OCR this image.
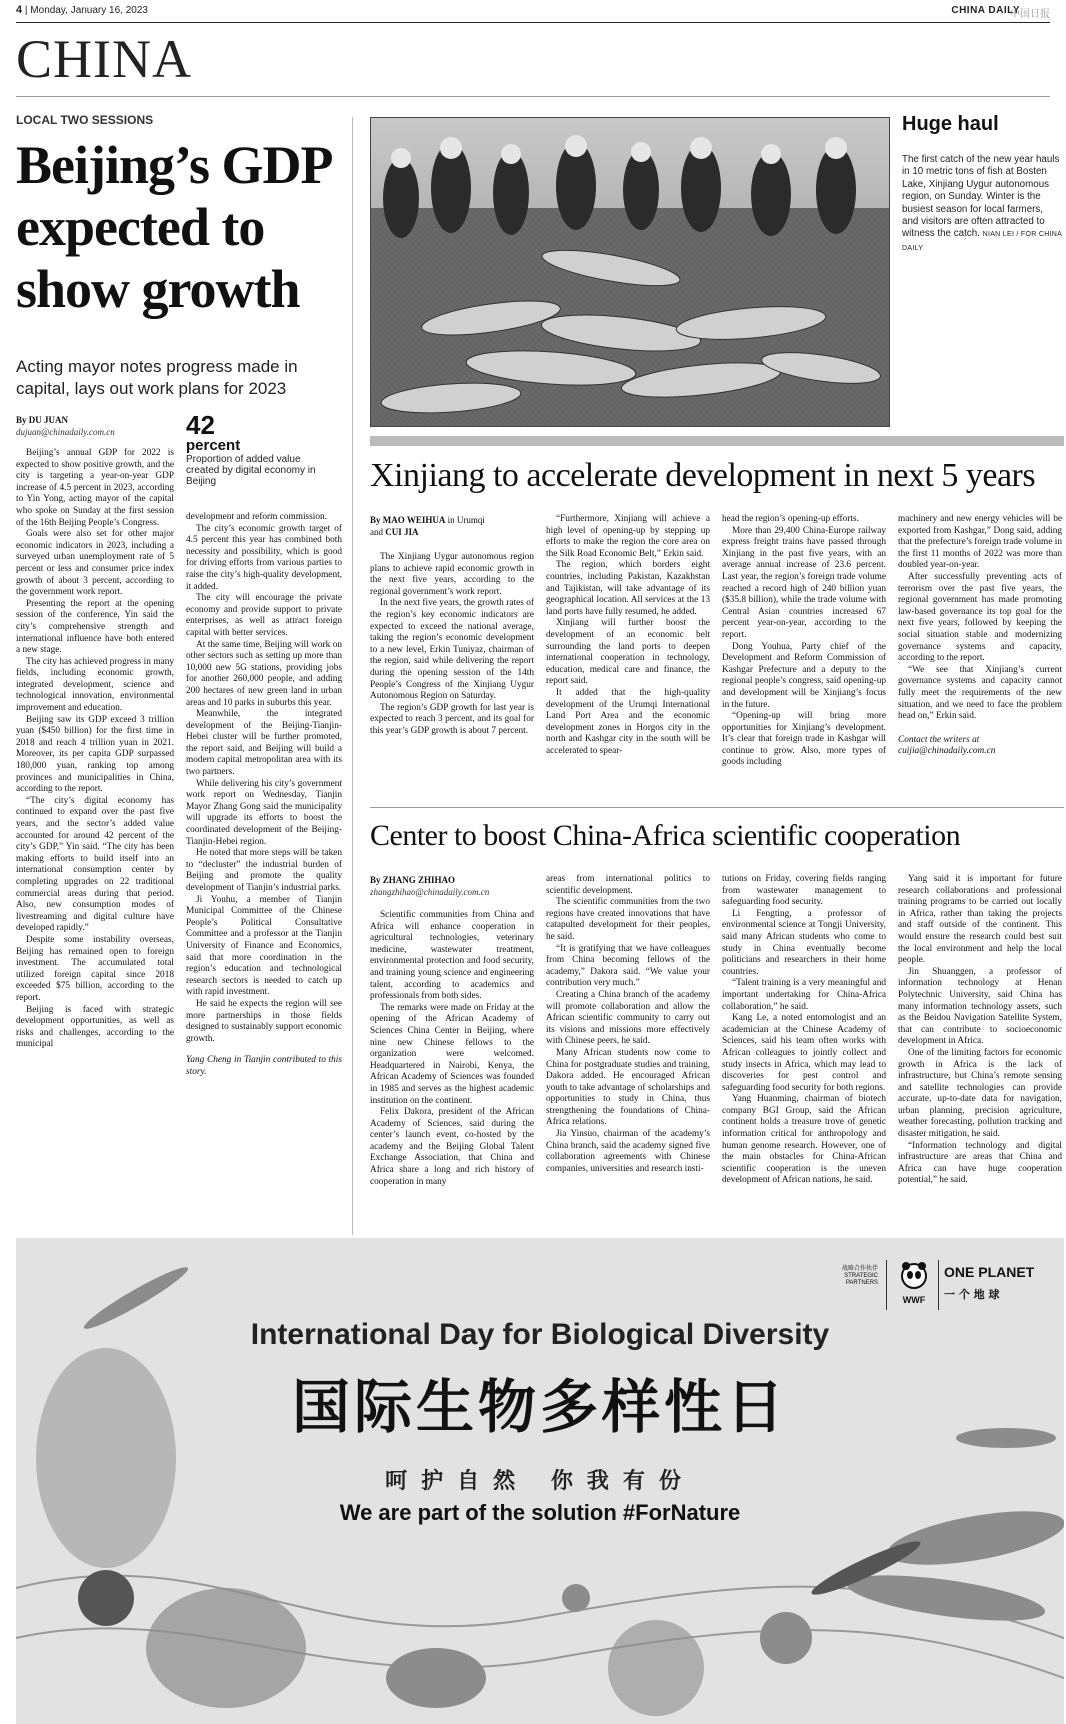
4 | Monday, January 16, 2023	CHINA DAILY
中国日报
CHINA
LOCAL TWO SESSIONS
Beijing’s GDP expected to show growth
Acting mayor notes progress made in capital, lays out work plans for 2023
By DU JUAN
dujuan@chinadaily.com.cn	42
percent
Proportion of added value created by digital economy in Beijing

Beijing’s annual GDP for 2022 is expected to show positive growth, and the city is targeting a year-on-year GDP increase of 4.5 percent in 2023, according to Yin Yong, acting mayor of the capital who spoke on Sunday at the first session of the 16th Beijing People’s Congress.

Goals were also set for other major economic indicators in 2023, including a surveyed urban unemployment rate of 5 percent or less and consumer price index growth of about 3 percent, according to the government work report.

Presenting the report at the opening session of the conference, Yin said the city’s comprehensive strength and international influence have both entered a new stage.

The city has achieved progress in many fields, including economic growth, integrated development, science and technological innovation, environmental improvement and education.

Beijing saw its GDP exceed 3 trillion yuan ($450 billion) for the first time in 2018 and reach 4 trillion yuan in 2021. Moreover, its per capita GDP surpassed 180,000 yuan, ranking top among provinces and municipalities in China, according to the report.

“The city’s digital economy has continued to expand over the past five years, and the sector’s added value accounted for around 42 percent of the city’s GDP,” Yin said. “The city has been making efforts to build itself into an international consumption center by completing upgrades on 22 traditional commercial areas during that period. Also, new consumption modes of livestreaming and digital culture have developed rapidly.”

Despite some instability overseas, Beijing has remained open to foreign investment. The accumulated total utilized foreign capital since 2018 exceeded $75 billion, according to the report.

Beijing is faced with strategic development opportunities, as well as risks and challenges, according to the municipal

development and reform commission.

The city’s economic growth target of 4.5 percent this year has combined both necessity and possibility, which is good for driving efforts from various parties to raise the city’s high-quality development, it added.

The city will encourage the private economy and provide support to private enterprises, as well as attract foreign capital with better services.

At the same time, Beijing will work on other sectors such as setting up more than 10,000 new 5G stations, providing jobs for another 260,000 people, and adding 200 hectares of new green land in urban areas and 10 parks in suburbs this year.

Meanwhile, the integrated development of the Beijing-Tianjin-Hebei cluster will be further promoted, the report said, and Beijing will build a modern capital metropolitan area with its two partners.

While delivering his city’s government work report on Wednesday, Tianjin Mayor Zhang Gong said the municipality will upgrade its efforts to boost the coordinated development of the Beijing-Tianjin-Hebei region.

He noted that more steps will be taken to “decluster” the industrial burden of Beijing and promote the quality development of Tianjin’s industrial parks.

Ji Youhu, a member of Tianjin Municipal Committee of the Chinese People’s Political Consultative Committee and a professor at the Tianjin University of Finance and Economics, said that more coordination in the region’s education and technological research sectors is needed to catch up with rapid investment.

He said he expects the region will see more partnerships in those fields designed to sustainably support economic growth.

Yang Cheng in Tianjin contributed to this story.

Huge haul
The first catch of the new year hauls in 10 metric tons of fish at Bosten Lake, Xinjiang Uygur autonomous region, on Sunday. Winter is the busiest season for local farmers, and visitors are often attracted to witness the catch. NIAN LEI / FOR CHINA DAILY
Xinjiang to accelerate development in next 5 years
By MAO WEIHUA in Urumqi
and CUI JIA

The Xinjiang Uygur autonomous region plans to achieve rapid economic growth in the next five years, according to the regional government’s work report.

In the next five years, the growth rates of the region’s key economic indicators are expected to exceed the national average, taking the region’s economic development to a new level, Erkin Tuniyaz, chairman of the region, said while delivering the report during the opening session of the 14th People’s Congress of the Xinjiang Uygur Autonomous Region on Saturday.

The region’s GDP growth for last year is expected to reach 3 percent, and its goal for this year’s GDP growth is about 7 percent.

“Furthermore, Xinjiang will achieve a high level of opening-up by stepping up efforts to make the region the core area on the Silk Road Economic Belt,” Erkin said.

The region, which borders eight countries, including Pakistan, Kazakhstan and Tajikistan, will take advantage of its geographical location. All services at the 13 land ports have fully resumed, he added.

Xinjiang will further boost the development of an economic belt surrounding the land ports to deepen international cooperation in technology, education, medical care and finance, the report said.

It added that the high-quality development of the Urumqi International Land Port Area and the economic development zones in Horgos city in the north and Kashgar city in the south will be accelerated to spear-

head the region’s opening-up efforts.

More than 29,400 China-Europe railway express freight trains have passed through Xinjiang in the past five years, with an average annual increase of 23.6 percent. Last year, the region’s foreign trade volume reached a record high of 240 billion yuan ($35.8 billion), while the trade volume with Central Asian countries increased 67 percent year-on-year, according to the report.

Dong Youhua, Party chief of the Development and Reform Commission of Kashgar Prefecture and a deputy to the regional people’s congress, said opening-up and development will be Xinjiang’s focus in the future.

“Opening-up will bring more opportunities for Xinjiang’s development. It’s clear that foreign trade in Kashgar will continue to grow. Also, more types of goods including

machinery and new energy vehicles will be exported from Kashgar,” Dong said, adding that the prefecture’s foreign trade volume in the first 11 months of 2022 was more than doubled year-on-year.

After successfully preventing acts of terrorism over the past five years, the regional government has made promoting law-based governance its top goal for the next five years, followed by keeping the social situation stable and modernizing governance systems and capacity, according to the report.

“We see that Xinjiang’s current governance systems and capacity cannot fully meet the requirements of the new situation, and we need to face the problem head on,” Erkin said.

Contact the writers at

cuijia@chinadaily.com.cn

Center to boost China-Africa scientific cooperation
By ZHANG ZHIHAO
zhangzhihao@chinadaily.com.cn

Scientific communities from China and Africa will enhance cooperation in agricultural technologies, veterinary medicine, wastewater treatment, environmental protection and food security, and training young science and engineering talent, according to academics and professionals from both sides.

The remarks were made on Friday at the opening of the African Academy of Sciences China Center in Beijing, where nine new Chinese fellows to the organization were welcomed. Headquartered in Nairobi, Kenya, the African Academy of Sciences was founded in 1985 and serves as the highest academic institution on the continent.

Felix Dakora, president of the African Academy of Sciences, said during the center’s launch event, co-hosted by the academy and the Beijing Global Talent Exchange Association, that China and Africa share a long and rich history of cooperation in many

areas from international politics to scientific development.

The scientific communities from the two regions have created innovations that have catapulted development for their peoples, he said.

“It is gratifying that we have colleagues from China becoming fellows of the academy,” Dakora said. “We value your contribution very much.”

Creating a China branch of the academy will promote collaboration and allow the African scientific community to carry out its visions and missions more effectively with Chinese peers, he said.

Many African students now come to China for postgraduate studies and training, Dakora added. He encouraged African youth to take advantage of scholarships and opportunities to study in China, thus strengthening the foundations of China-Africa relations.

Jia Yinsuo, chairman of the academy’s China branch, said the academy signed five collaboration agreements with Chinese companies, universities and research insti-

tutions on Friday, covering fields ranging from wastewater management to safeguarding food security.

Li Fengting, a professor of environmental science at Tongji University, said many African students who come to study in China eventually become politicians and researchers in their home countries.

“Talent training is a very meaningful and important undertaking for China-Africa collaboration,” he said.

Kang Le, a noted entomologist and an academician at the Chinese Academy of Sciences, said his team often works with African colleagues to jointly collect and study insects in Africa, which may lead to discoveries for pest control and safeguarding food security for both regions.

Yang Huanming, chairman of biotech company BGI Group, said the African continent holds a treasure trove of genetic information critical for anthropology and human genome research. However, one of the main obstacles for China-African scientific cooperation is the uneven development of African nations, he said.

Yang said it is important for future research collaborations and professional training programs to be carried out locally in Africa, rather than taking the projects and staff outside of the continent. This would ensure the research could best suit the local environment and help the local people.

Jin Shuanggen, a professor of information technology at Henan Polytechnic University, said China has many information technology assets, such as the Beidou Navigation Satellite System, that can contribute to socioeconomic development in Africa.

One of the limiting factors for economic growth in Africa is the lack of infrastructure, but China’s remote sensing and satellite technologies can provide accurate, up-to-date data for navigation, urban planning, precision agriculture, weather forecasting, pollution tracking and disaster mitigation, he said.

“Information technology and digital infrastructure are areas that China and Africa can have huge cooperation potential,” he said.

战略合作伙伴
STRATEGIC
PARTNERS
WWF
ONE PLANET
一 个 地 球
International Day for Biological Diversity
国际生物多样性日
呵护自然 你我有份
We are part of the solution #ForNature
